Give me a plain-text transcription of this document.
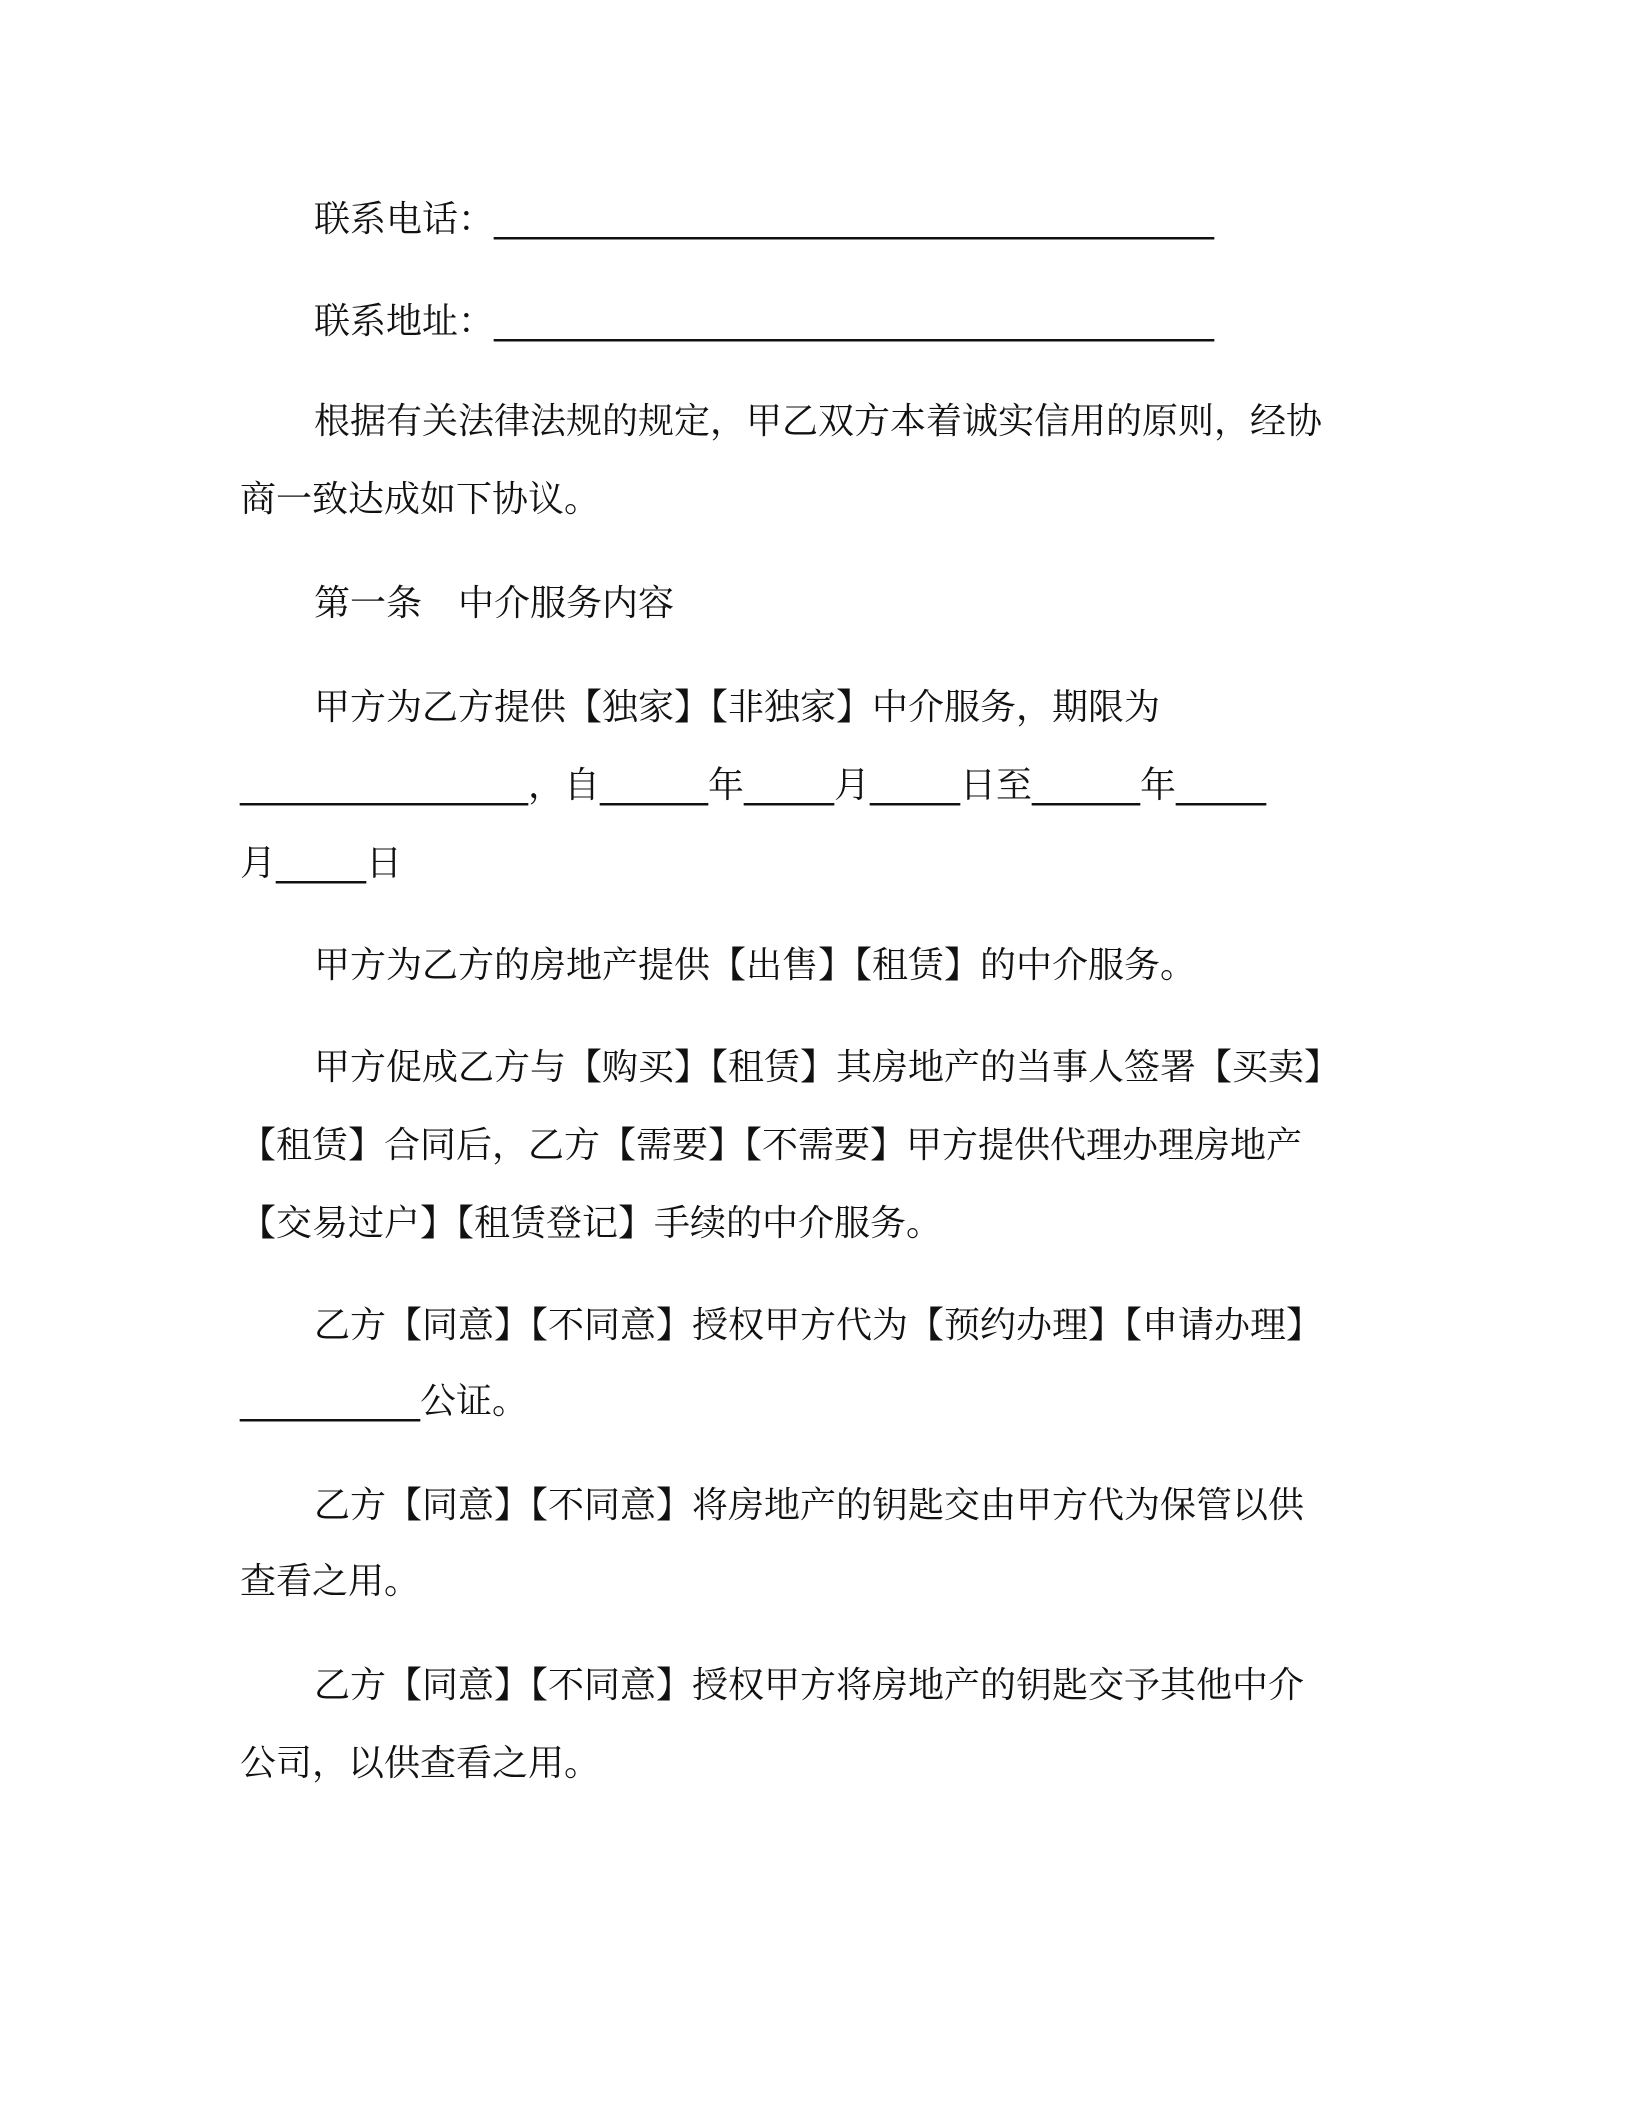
联系电话：________________________________________
联系地址：________________________________________
根据有关法律法规的规定，甲乙双方本着诚实信用的原则，经协
商一致达成如下协议。
第一条　中介服务内容
甲方为乙方提供【独家】【非独家】中介服务，期限为
________________，自______年_____月_____日至______年_____
月_____日
甲方为乙方的房地产提供【出售】【租赁】的中介服务。
甲方促成乙方与【购买】【租赁】其房地产的当事人签署【买卖】
【租赁】合同后，乙方【需要】【不需要】甲方提供代理办理房地产
【交易过户】【租赁登记】手续的中介服务。
乙方【同意】【不同意】授权甲方代为【预约办理】【申请办理】
__________公证。
乙方【同意】【不同意】将房地产的钥匙交由甲方代为保管以供
查看之用。
乙方【同意】【不同意】授权甲方将房地产的钥匙交予其他中介
公司，以供查看之用。
